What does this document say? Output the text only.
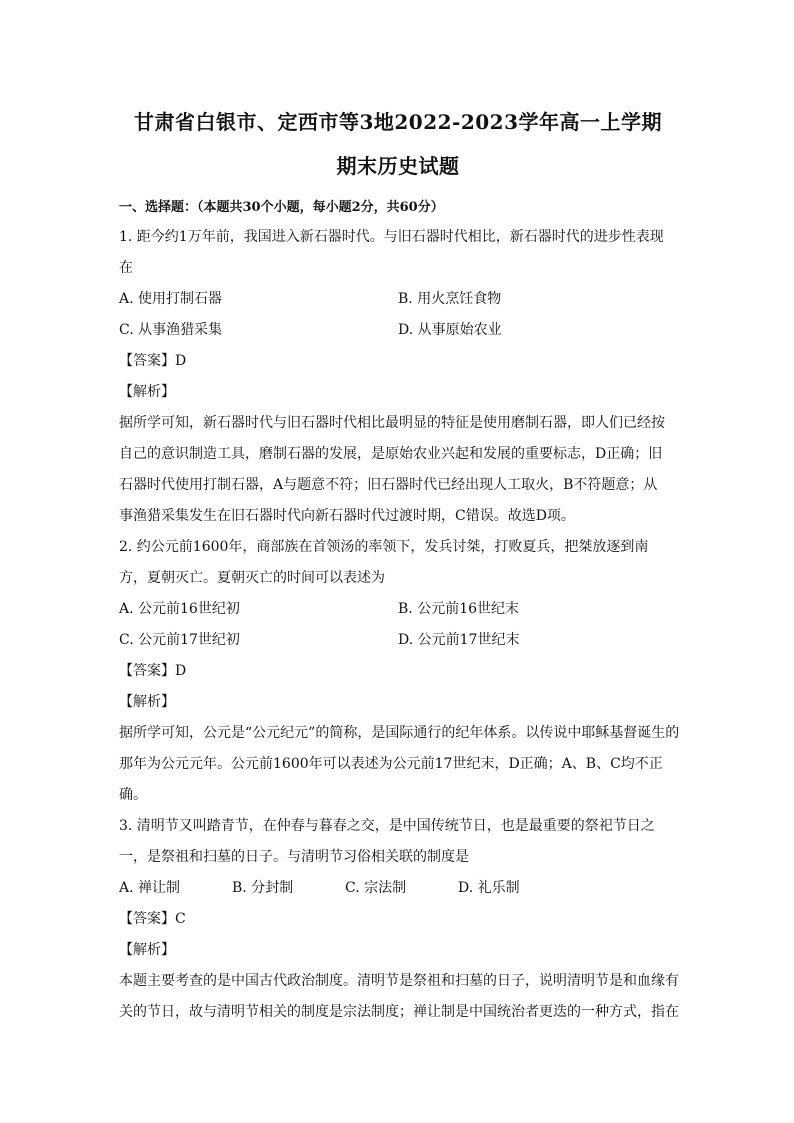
甘肃省白银市、定西市等3地2022-2023学年高一上学期
期末历史试题
一、选择题：（本题共30个小题，每小题2分，共60分）
1. 距今约1万年前，我国进入新石器时代。与旧石器时代相比，新石器时代的进步性表现
在
A. 使用打制石器	B. 用火烹饪食物
C. 从事渔猎采集	D. 从事原始农业
【答案】D
【解析】
据所学可知，新石器时代与旧石器时代相比最明显的特征是使用磨制石器，即人们已经按
自己的意识制造工具，磨制石器的发展，是原始农业兴起和发展的重要标志，D正确；旧
石器时代使用打制石器，A与题意不符；旧石器时代已经出现人工取火，B不符题意；从
事渔猎采集发生在旧石器时代向新石器时代过渡时期，C错误。故选D项。
2. 约公元前1600年，商部族在首领汤的率领下，发兵讨桀，打败夏兵，把桀放逐到南
方，夏朝灭亡。夏朝灭亡的时间可以表述为
A. 公元前16世纪初	B. 公元前16世纪末
C. 公元前17世纪初	D. 公元前17世纪末
【答案】D
【解析】
据所学可知，公元是“公元纪元”的简称，是国际通行的纪年体系。以传说中耶稣基督诞生的
那年为公元元年。公元前1600年可以表述为公元前17世纪末，D正确；A、B、C均不正
确。
3. 清明节又叫踏青节，在仲春与暮春之交，是中国传统节日，也是最重要的祭祀节日之
一，是祭祖和扫墓的日子。与清明节习俗相关联的制度是
A. 禅让制	B. 分封制	C. 宗法制	D. 礼乐制
【答案】C
【解析】
本题主要考查的是中国古代政治制度。清明节是祭祖和扫墓的日子，说明清明节是和血缘有
关的节日，故与清明节相关的制度是宗法制度；禅让制是中国统治者更迭的一种方式，指在
